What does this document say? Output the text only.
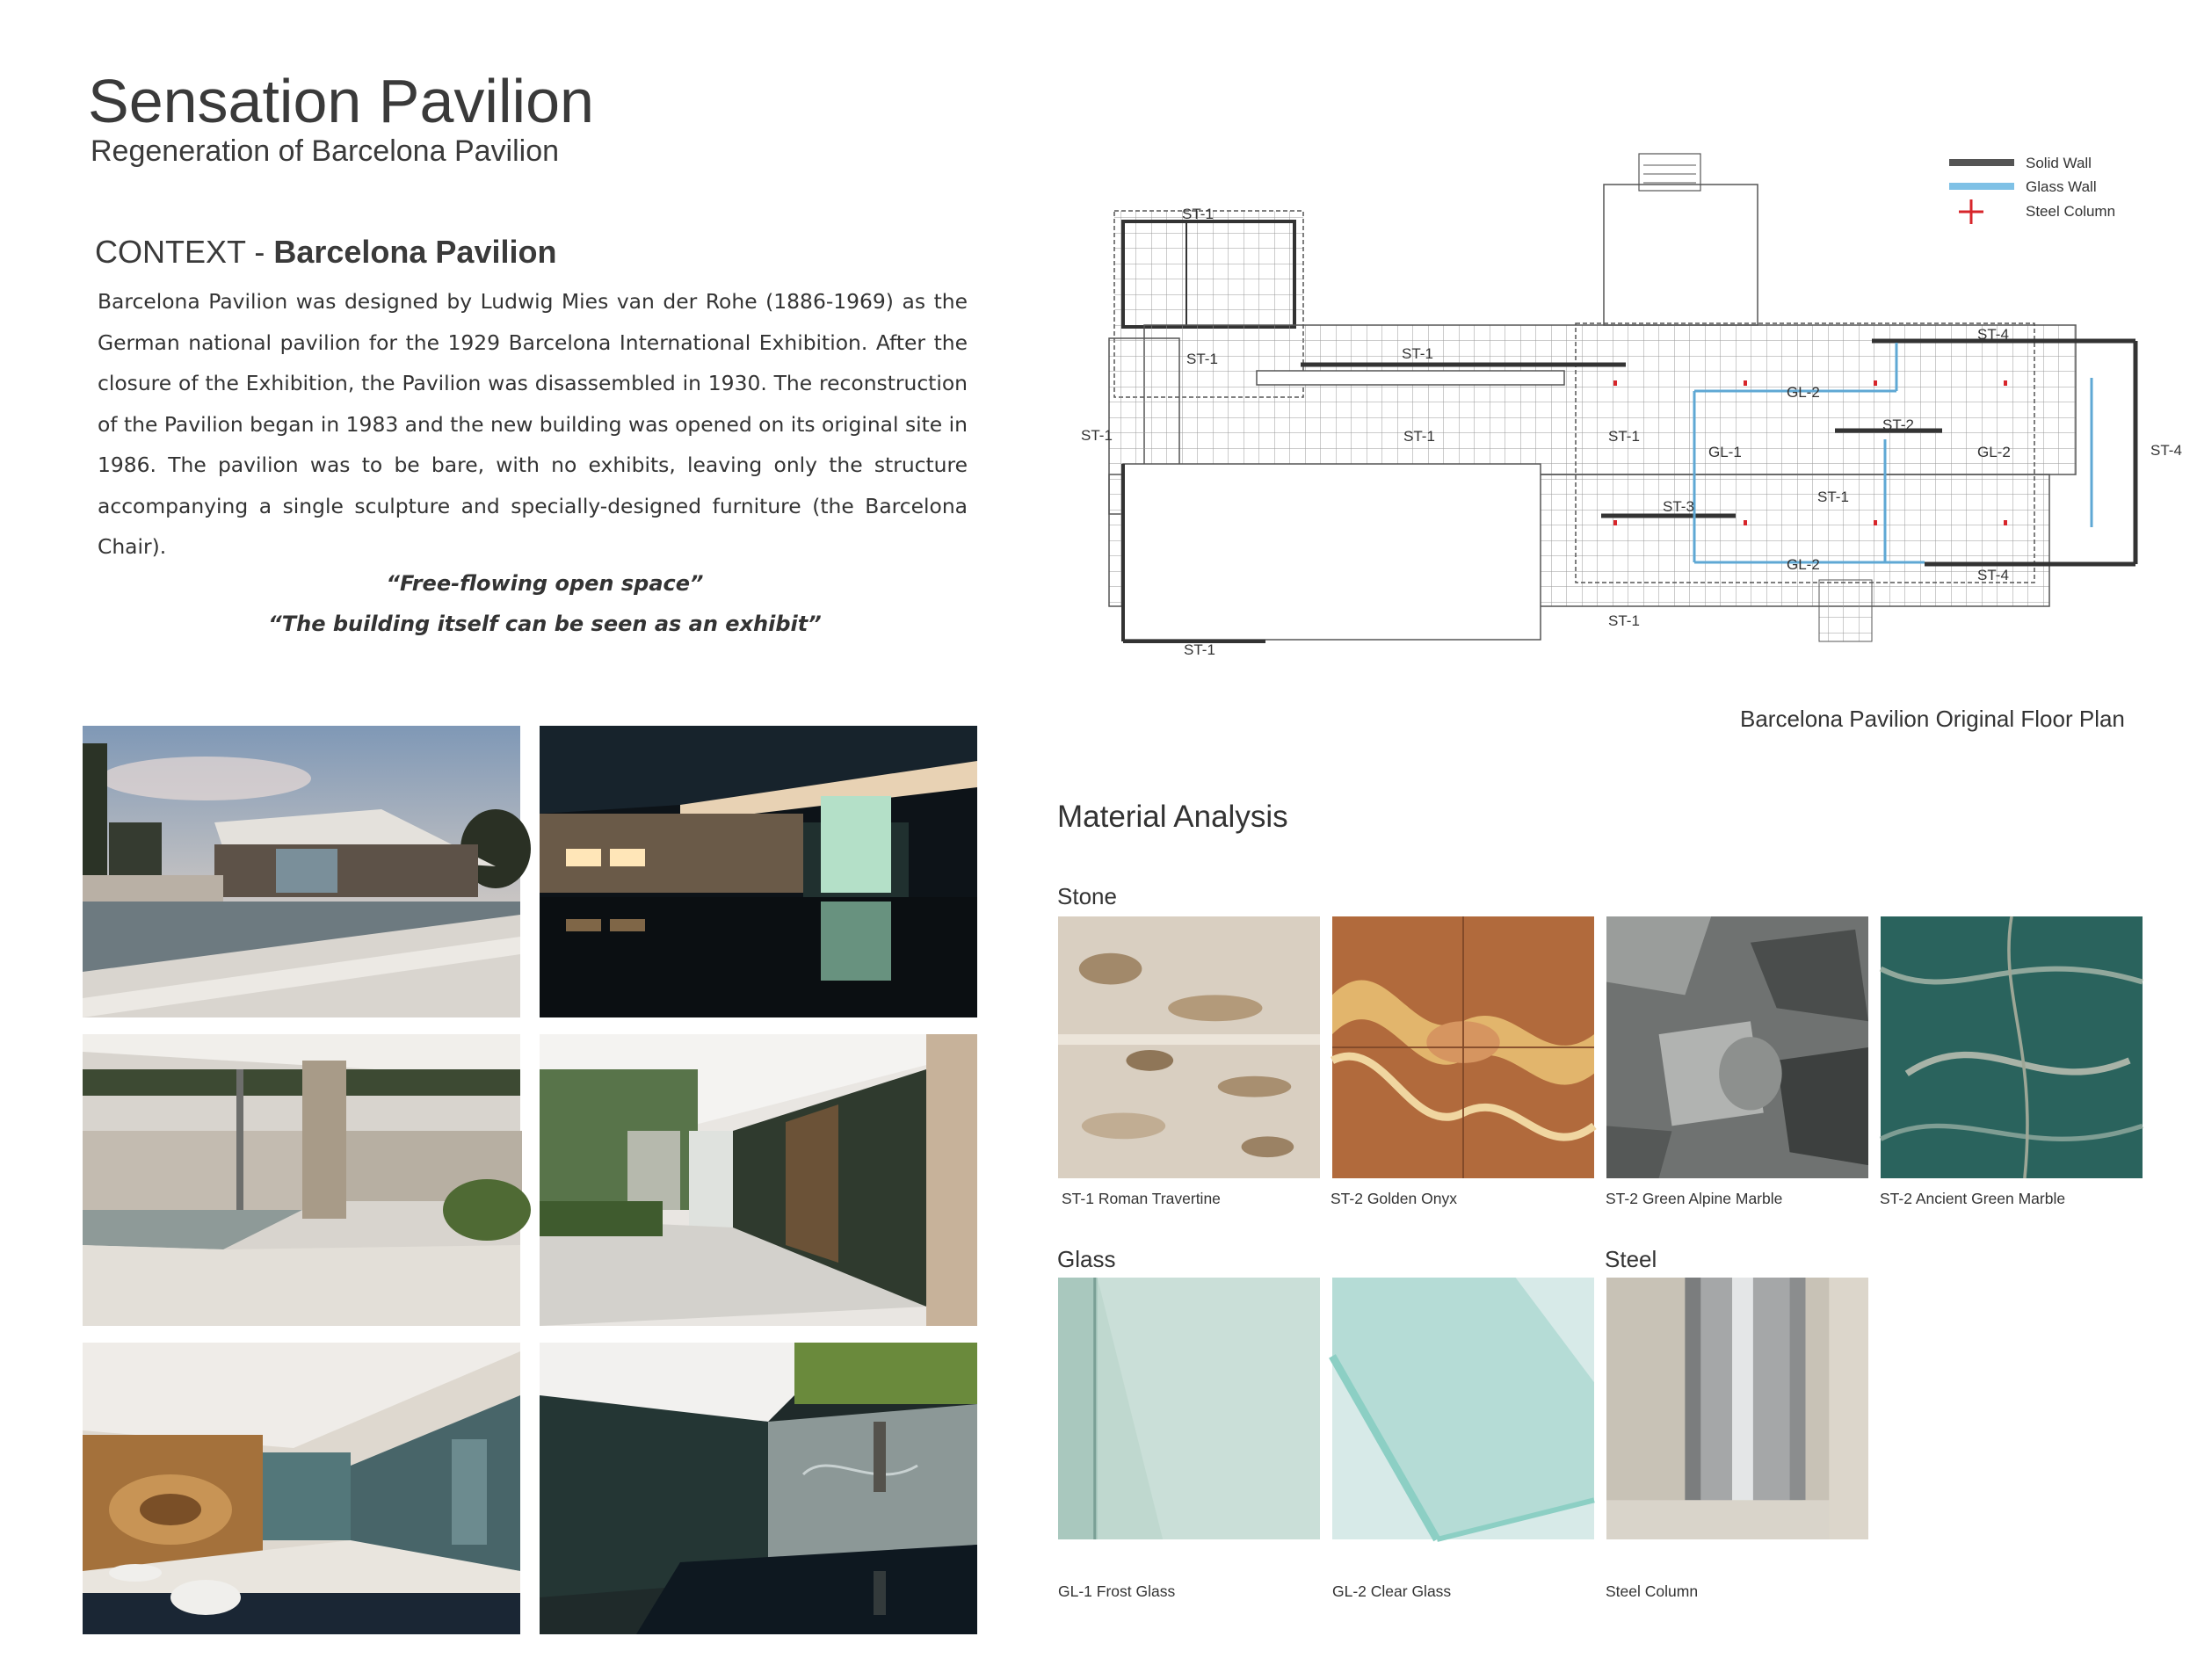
Sensation Pavilion
Regeneration of Barcelona Pavilion
CONTEXT - Barcelona Pavilion
Barcelona Pavilion was designed by Ludwig Mies van der Rohe (1886-1969) as the German national pavilion for the 1929 Barcelona International Exhibition. After the closure of the Exhibition, the Pavilion was disassembled in 1930. The reconstruction of the Pavilion began in 1983 and the new building was opened on its original site in 1986. The pavilion was to be bare, with no exhibits, leaving only the structure accompanying a single sculpture and specially-designed furniture (the Barcelona Chair).
“Free-flowing open space”
“The building itself can be seen as an exhibit”
Solid Wall
Glass Wall
Steel Column
ST-1
ST-1	ST-1
ST-1	ST-1	ST-1
ST-1
ST-1
ST-1
ST-2
ST-3
ST-4
ST-4
ST-4
GL-1
GL-2
GL-2
GL-2
Barcelona Pavilion Original Floor Plan
Material Analysis
Stone
Glass	Steel
ST-1 Roman Travertine	ST-2 Golden Onyx	ST-2 Green Alpine Marble	ST-2 Ancient Green Marble
GL-1 Frost Glass	GL-2 Clear Glass	Steel Column
